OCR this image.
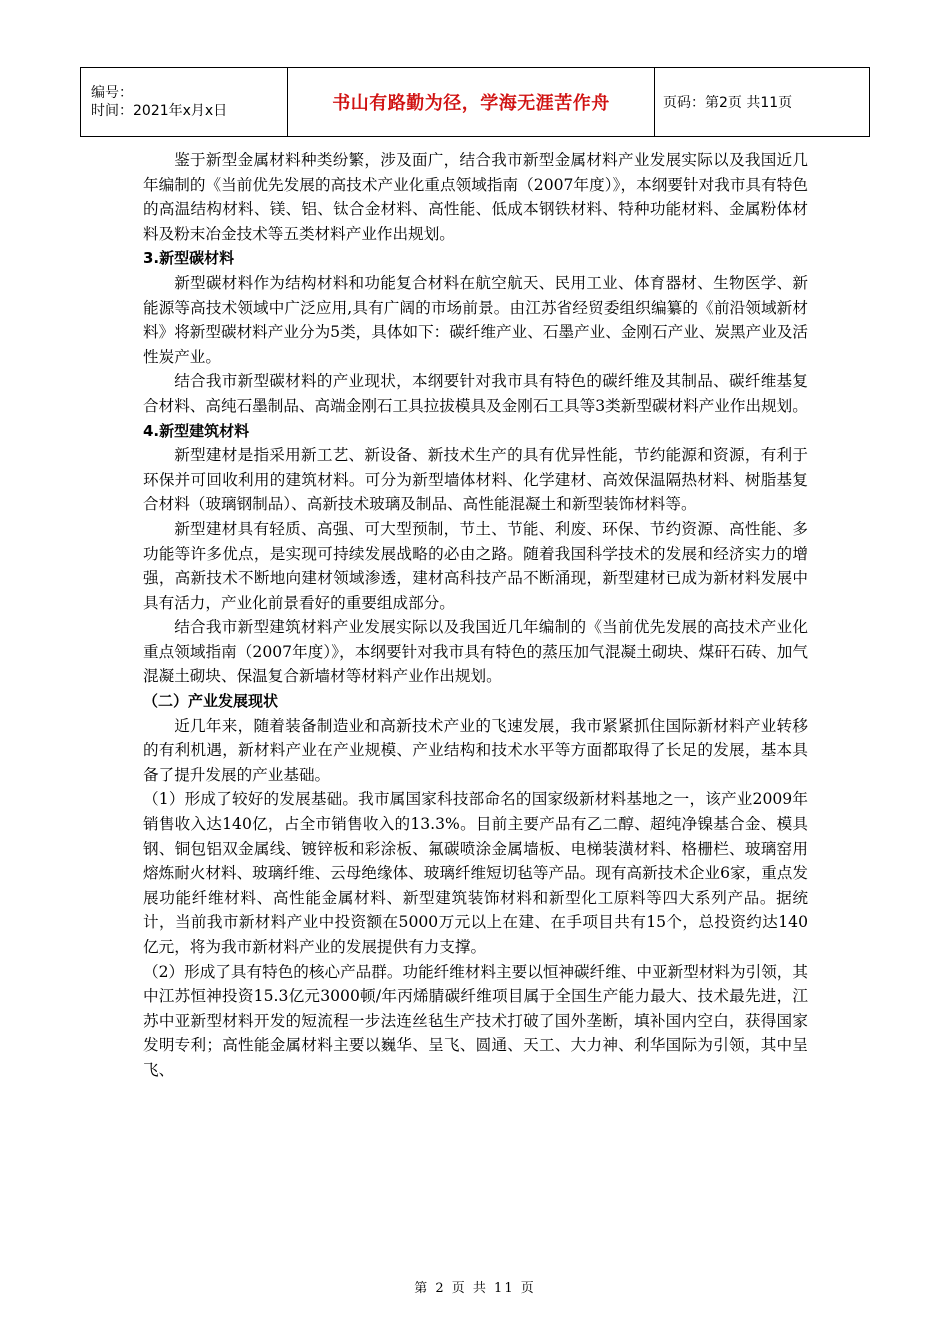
编号：
时间：2021年x月x日	书山有路勤为径，学海无涯苦作舟	页码：第2页 共11页

鉴于新型金属材料种类纷繁，涉及面广，结合我市新型金属材料产业发展实际以及我国近几年编制的《当前优先发展的高技术产业化重点领域指南（2007年度）》，本纲要针对我市具有特色的高温结构材料、镁、铝、钛合金材料、高性能、低成本钢铁材料、特种功能材料、金属粉体材料及粉末冶金技术等五类材料产业作出规划。

3.新型碳材料

新型碳材料作为结构材料和功能复合材料在航空航天、民用工业、体育器材、生物医学、新能源等高技术领域中广泛应用,具有广阔的市场前景。由江苏省经贸委组织编纂的《前沿领域新材料》将新型碳材料产业分为5类，具体如下：碳纤维产业、石墨产业、金刚石产业、炭黑产业及活性炭产业。

结合我市新型碳材料的产业现状，本纲要针对我市具有特色的碳纤维及其制品、碳纤维基复合材料、高纯石墨制品、高端金刚石工具拉拔模具及金刚石工具等3类新型碳材料产业作出规划。

4.新型建筑材料

新型建材是指采用新工艺、新设备、新技术生产的具有优异性能，节约能源和资源，有利于环保并可回收利用的建筑材料。可分为新型墙体材料、化学建材、高效保温隔热材料、树脂基复合材料（玻璃钢制品）、高新技术玻璃及制品、高性能混凝土和新型装饰材料等。

新型建材具有轻质、高强、可大型预制，节土、节能、利废、环保、节约资源、高性能、多功能等许多优点，是实现可持续发展战略的必由之路。随着我国科学技术的发展和经济实力的增强，高新技术不断地向建材领域渗透，建材高科技产品不断涌现，新型建材已成为新材料发展中具有活力，产业化前景看好的重要组成部分。

结合我市新型建筑材料产业发展实际以及我国近几年编制的《当前优先发展的高技术产业化重点领域指南（2007年度）》，本纲要针对我市具有特色的蒸压加气混凝土砌块、煤矸石砖、加气混凝土砌块、保温复合新墙材等材料产业作出规划。

（二）产业发展现状

近几年来，随着装备制造业和高新技术产业的飞速发展，我市紧紧抓住国际新材料产业转移的有利机遇，新材料产业在产业规模、产业结构和技术水平等方面都取得了长足的发展，基本具备了提升发展的产业基础。

（1）形成了较好的发展基础。我市属国家科技部命名的国家级新材料基地之一，该产业2009年销售收入达140亿，占全市销售收入的13.3%。目前主要产品有乙二醇、超纯净镍基合金、模具钢、铜包铝双金属线、镀锌板和彩涂板、氟碳喷涂金属墙板、电梯装潢材料、格栅栏、玻璃窑用熔炼耐火材料、玻璃纤维、云母绝缘体、玻璃纤维短切毡等产品。现有高新技术企业6家，重点发展功能纤维材料、高性能金属材料、新型建筑装饰材料和新型化工原料等四大系列产品。据统计，当前我市新材料产业中投资额在5000万元以上在建、在手项目共有15个，总投资约达140亿元，将为我市新材料产业的发展提供有力支撑。

（2）形成了具有特色的核心产品群。功能纤维材料主要以恒神碳纤维、中亚新型材料为引领，其中江苏恒神投资15.3亿元3000顿/年丙烯腈碳纤维项目属于全国生产能力最大、技术最先进，江苏中亚新型材料开发的短流程一步法连丝毡生产技术打破了国外垄断，填补国内空白，获得国家发明专利；高性能金属材料主要以巍华、呈飞、圆通、天工、大力神、利华国际为引领，其中呈飞、

第 2 页 共 11 页
